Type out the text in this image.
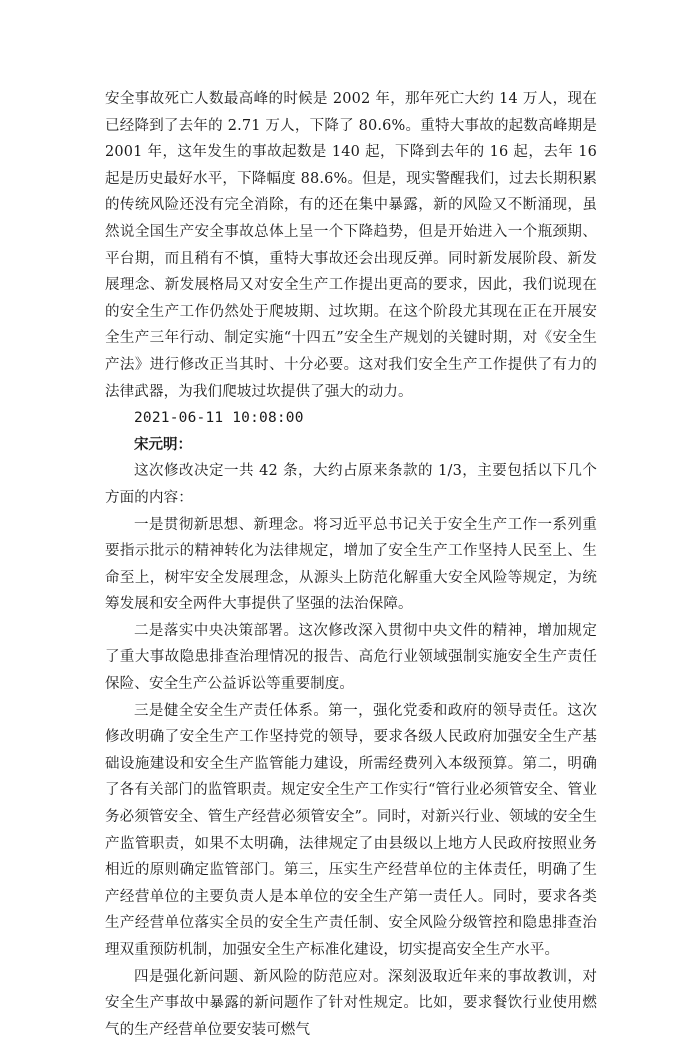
安全事故死亡人数最高峰的时候是 2002 年，那年死亡大约 14 万人，现在已经降到了去年的 2.71 万人，下降了 80.6%。重特大事故的起数高峰期是 2001 年，这年发生的事故起数是 140 起，下降到去年的 16 起，去年 16 起是历史最好水平，下降幅度 88.6%。但是，现实警醒我们，过去长期积累的传统风险还没有完全消除，有的还在集中暴露，新的风险又不断涌现，虽然说全国生产安全事故总体上呈一个下降趋势，但是开始进入一个瓶颈期、平台期，而且稍有不慎，重特大事故还会出现反弹。同时新发展阶段、新发展理念、新发展格局又对安全生产工作提出更高的要求，因此，我们说现在的安全生产工作仍然处于爬坡期、过坎期。在这个阶段尤其现在正在开展安全生产三年行动、制定实施“十四五”安全生产规划的关键时期，对《安全生产法》进行修改正当其时、十分必要。这对我们安全生产工作提供了有力的法律武器，为我们爬坡过坎提供了强大的动力。

2021-06-11 10:08:00

宋元明：

这次修改决定一共 42 条，大约占原来条款的 1/3，主要包括以下几个方面的内容：

一是贯彻新思想、新理念。将习近平总书记关于安全生产工作一系列重要指示批示的精神转化为法律规定，增加了安全生产工作坚持人民至上、生命至上，树牢安全发展理念，从源头上防范化解重大安全风险等规定，为统筹发展和安全两件大事提供了坚强的法治保障。

二是落实中央决策部署。这次修改深入贯彻中央文件的精神，增加规定了重大事故隐患排查治理情况的报告、高危行业领域强制实施安全生产责任保险、安全生产公益诉讼等重要制度。

三是健全安全生产责任体系。第一，强化党委和政府的领导责任。这次修改明确了安全生产工作坚持党的领导，要求各级人民政府加强安全生产基础设施建设和安全生产监管能力建设，所需经费列入本级预算。第二，明确了各有关部门的监管职责。规定安全生产工作实行“管行业必须管安全、管业务必须管安全、管生产经营必须管安全”。同时，对新兴行业、领域的安全生产监管职责，如果不太明确，法律规定了由县级以上地方人民政府按照业务相近的原则确定监管部门。第三，压实生产经营单位的主体责任，明确了生产经营单位的主要负责人是本单位的安全生产第一责任人。同时，要求各类生产经营单位落实全员的安全生产责任制、安全风险分级管控和隐患排查治理双重预防机制，加强安全生产标准化建设，切实提高安全生产水平。

四是强化新问题、新风险的防范应对。深刻汲取近年来的事故教训，对安全生产事故中暴露的新问题作了针对性规定。比如，要求餐饮行业使用燃气的生产经营单位要安装可燃气
